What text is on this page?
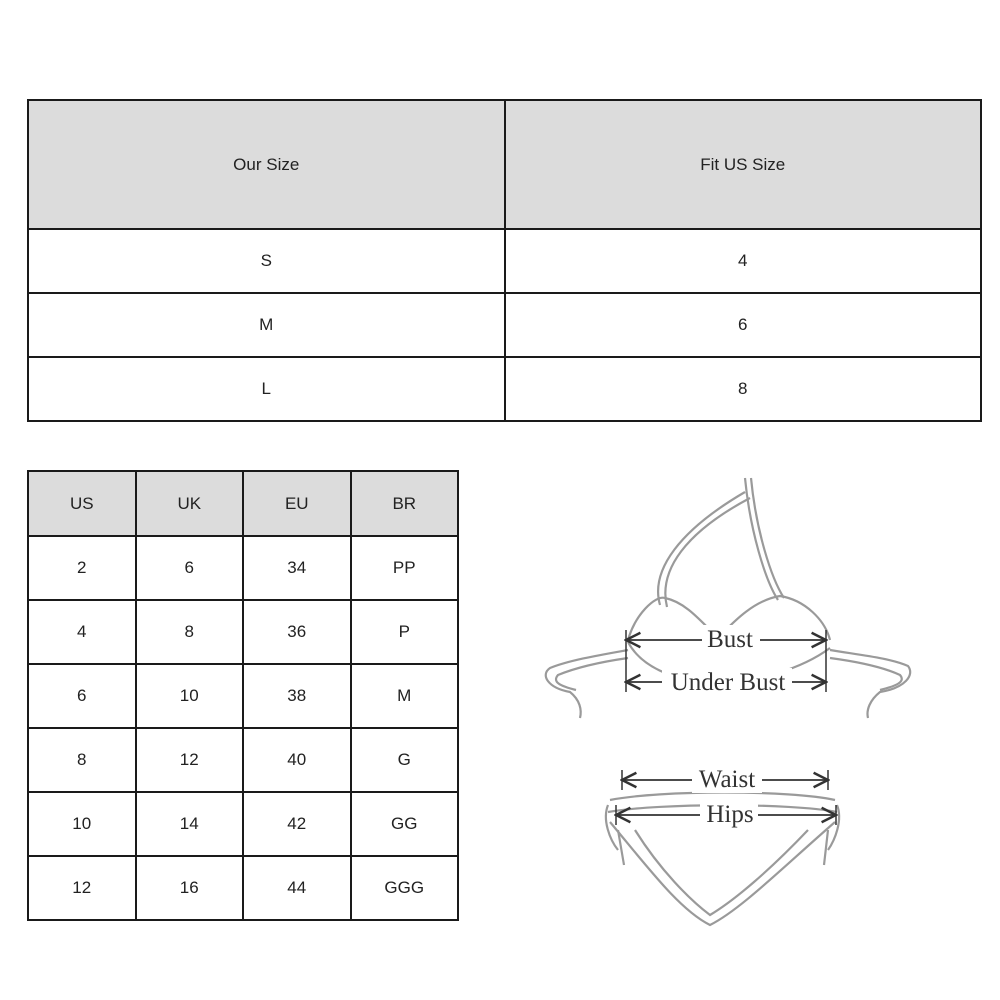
Our Size	Fit US Size
S	4
M	6
L	8
US	UK	EU	BR
2	6	34	PP
4	8	36	P
6	10	38	M
8	12	40	G
10	14	42	GG
12	16	44	GGG
Bust
Under Bust
Waist
Hips
